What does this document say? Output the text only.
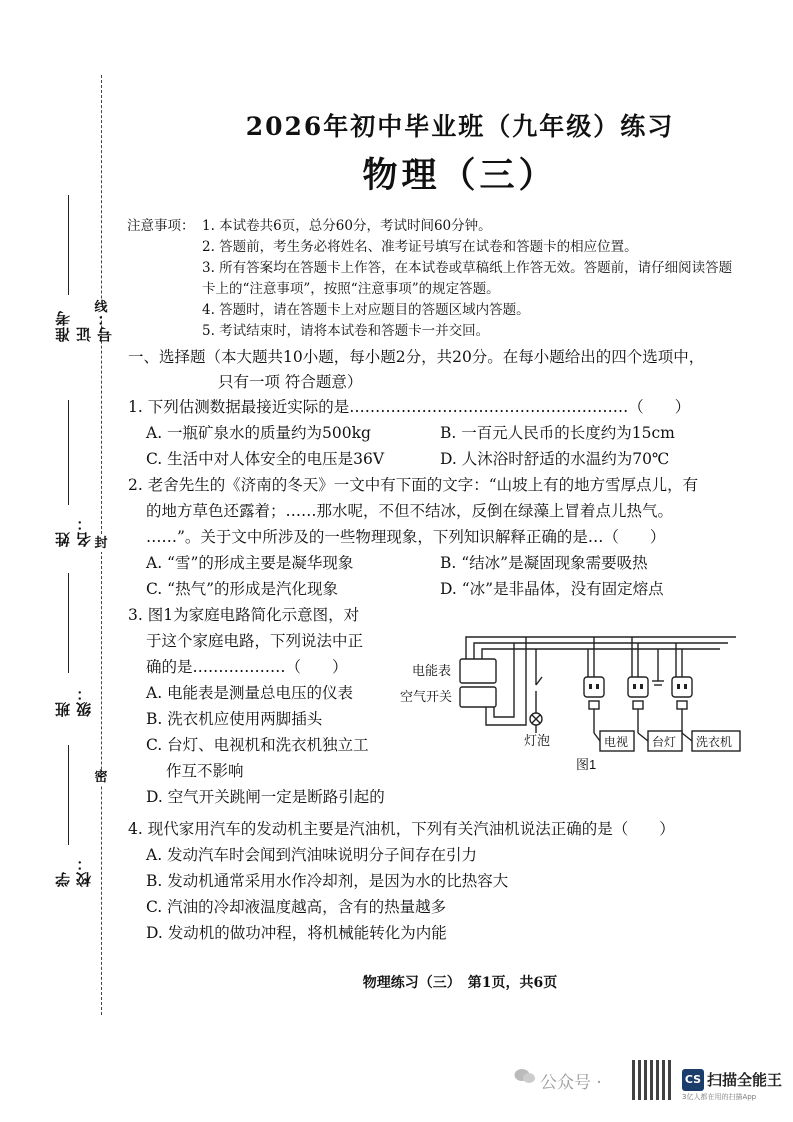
线
封
密
准考证号：
姓名：
班级：
学校：
2026年初中毕业班（九年级）练习
物理（三）
注意事项： 1. 本试卷共6页，总分60分，考试时间60分钟。
2. 答题前，考生务必将姓名、准考证号填写在试卷和答题卡的相应位置。
3. 所有答案均在答题卡上作答，在本试卷或草稿纸上作答无效。答题前，请仔细阅读答题卡上的“注意事项”，按照“注意事项”的规定答题。
4. 答题时，请在答题卡上对应题目的答题区域内答题。
5. 考试结束时，请将本试卷和答题卡一并交回。
一、选择题（本大题共10小题，每小题2分，共20分。在每小题给出的四个选项中，
只有一项 符合题意）
1. 下列估测数据最接近实际的是………………………………………………（　　）
A. 一瓶矿泉水的质量约为500kg	B. 一百元人民币的长度约为15cm
C. 生活中对人体安全的电压是36V	D. 人沐浴时舒适的水温约为70℃
2. 老舍先生的《济南的冬天》一文中有下面的文字：“山坡上有的地方雪厚点儿，有
的地方草色还露着；……那水呢，不但不结冰，反倒在绿藻上冒着点儿热气。
……”。关于文中所涉及的一些物理现象，下列知识解释正确的是…（　　）
A. “雪”的形成主要是凝华现象	B. “结冰”是凝固现象需要吸热
C. “热气”的形成是汽化现象	D. “冰”是非晶体，没有固定熔点
3. 图1为家庭电路简化示意图，对
于这个家庭电路，下列说法中正
确的是………………（　　）
A. 电能表是测量总电压的仪表
B. 洗衣机应使用两脚插头
C. 台灯、电视机和洗衣机独立工
作互不影响
D. 空气开关跳闸一定是断路引起的
电能表
空气开关
灯泡	电视 台灯 洗衣机
图1
4. 现代家用汽车的发动机主要是汽油机，下列有关汽油机说法正确的是（　　）
A. 发动汽车时会闻到汽油味说明分子间存在引力
B. 发动机通常采用水作冷却剂，是因为水的比热容大
C. 汽油的冷却液温度越高，含有的热量越多
D. 发动机的做功冲程，将机械能转化为内能
物理练习（三）　第1页，共6页
公众号 ·	CS 扫描全能王
3亿人都在用的扫描App
